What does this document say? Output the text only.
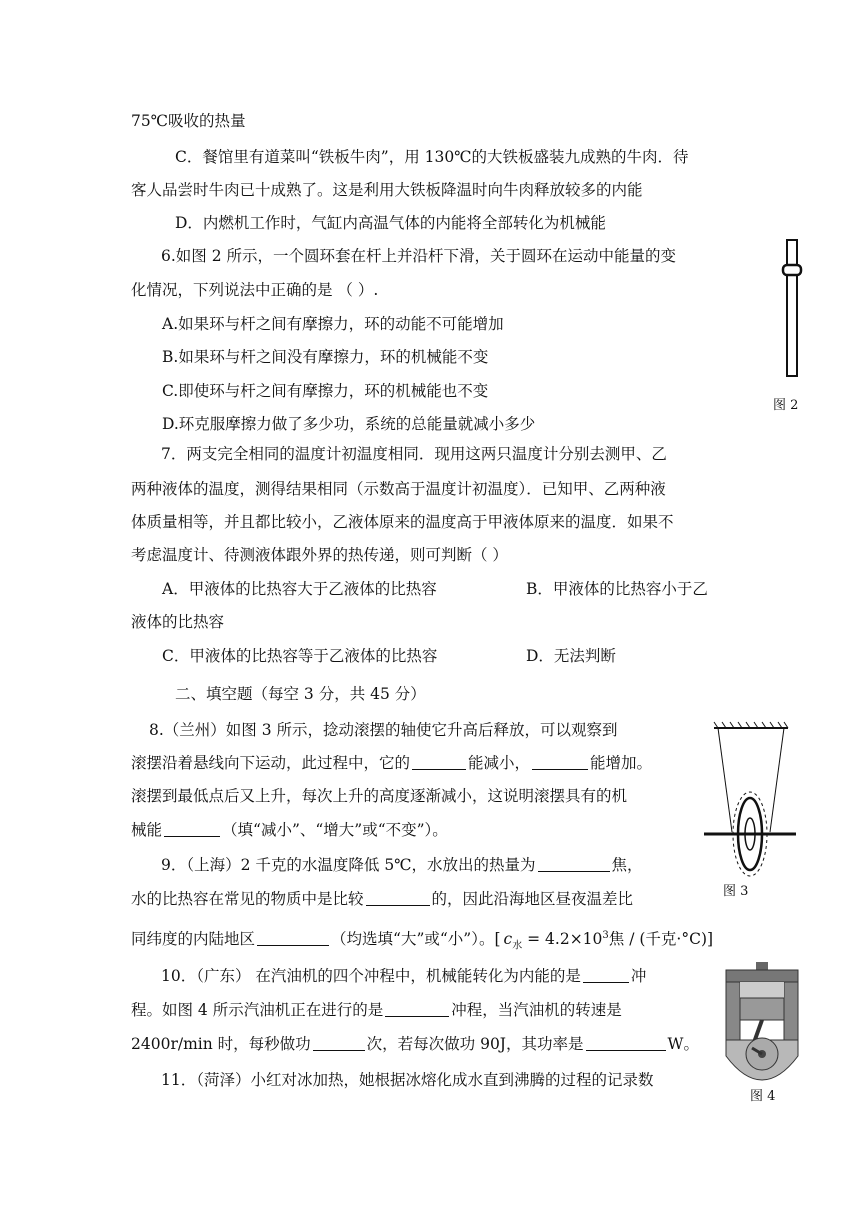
75℃吸收的热量
C．餐馆里有道菜叫“铁板牛肉”，用 130℃的大铁板盛装九成熟的牛肉．待
客人品尝时牛肉已十成熟了。这是利用大铁板降温时向牛肉释放较多的内能
D．内燃机工作时，气缸内高温气体的内能将全部转化为机械能
6.如图 2 所示，一个圆环套在杆上并沿杆下滑，关于圆环在运动中能量的变
化情况，下列说法中正确的是 （ ）.
A.如果环与杆之间有摩擦力，环的动能不可能增加
B.如果环与杆之间没有摩擦力，环的机械能不变
C.即使环与杆之间有摩擦力，环的机械能也不变
D.环克服摩擦力做了多少功，系统的总能量就减小多少
7．两支完全相同的温度计初温度相同．现用这两只温度计分别去测甲、乙
两种液体的温度，测得结果相同（示数高于温度计初温度）．已知甲、乙两种液
体质量相等，并且都比较小，乙液体原来的温度高于甲液体原来的温度．如果不
考虑温度计、待测液体跟外界的热传递，则可判断（ ）
A．甲液体的比热容大于乙液体的比热容	B．甲液体的比热容小于乙
液体的比热容
C．甲液体的比热容等于乙液体的比热容	D．无法判断
二、填空题（每空 3 分，共 45 分）
8.（兰州）如图 3 所示，捻动滚摆的轴使它升高后释放，可以观察到
滚摆沿着悬线向下运动，此过程中，它的	能减小，	能增加。
滚摆到最低点后又上升，每次上升的高度逐渐减小，这说明滚摆具有的机
械能	（填“减小”、“增大”或“不变”）。
9．（上海）2 千克的水温度降低 5℃，水放出的热量为	焦，
水的比热容在常见的物质中是比较	的，因此沿海地区昼夜温差比
同纬度的内陆地区	（均选填“大”或“小”）。[ $c_水 = 4.2\times 10^3$焦 / (千克·°C)]
10．（广东） 在汽油机的四个冲程中，机械能转化为内能的是	冲
程。如图 4 所示汽油机正在进行的是	冲程，当汽油机的转速是
2400r/min 时，每秒做功	次，若每次做功 90J，其功率是	W。
11．（菏泽）小红对冰加热，她根据冰熔化成水直到沸腾的过程的记录数
图 2
图 3
图 4
